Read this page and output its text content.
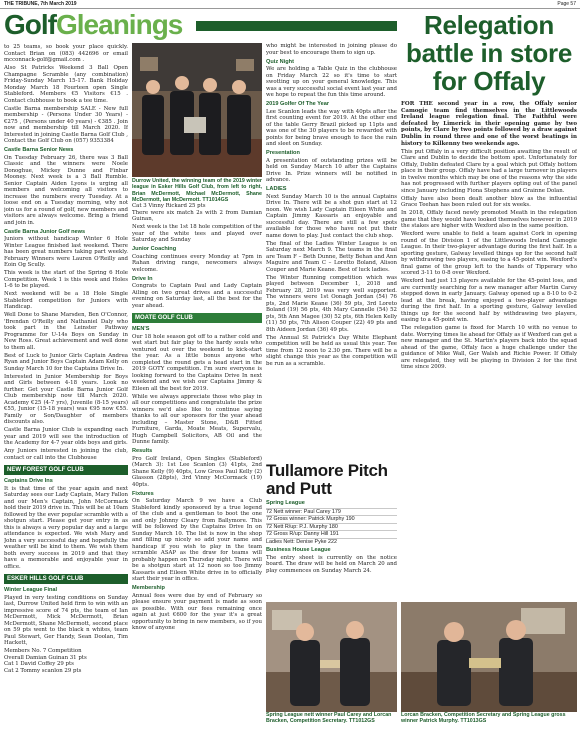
THE TRIBUNE, 7th March 2019	Page 57
GolfGleanings

to 25 teams, so book your place quickly. Contact Brian on (083) 442696 or email mcconnack-golf@gmail.com .

Also St Patricks Weekend 3 Ball Open Champagne Scramble (any combination) Friday-Sunday March 15-17. Bank Holiday Monday March 18 Fourteen open Single Stableford. Members €5 Visitors €15 . Contact clubhouse to book a tee time.

Castle Barna membership SALE - New full membership - (Persons Under 30 Years) - €275 , (Persons under 40 years) - €385 . Join now and membership till March 2020. If Interested in joining Castle Barna Golf Club , Contact the Golf Club on (057) 9353384

Castle Barna Senior News

On Tuesday February 26, there was 3 Ball Classic and the winners were Noele Donoghue, Mickey Dunne and Finbar Mooney. Next week is a 3 Ball Rumble. Senior Captain Aiden Lyons is urging all members and welcoming all visitors to increase the numbers every Tuesday. At a loose end on a Tuesday morning, why not join us for a round of golf, new members and visitors are always welcome. Bring a friend and join in.

Castle Barna Junior Golf news

Juniors without handicap Winter 6 Hole Winter League finished last weekend. There has been great numbers taking part weekly. February Winners were Lauren O'Reilly and Eoin Og Scully.

This week is the start of the Spring 6 Hole Competition. Week 1 is this week and Holes 1-6 to be played.

Next weekend will be a 18 Hole Single Stableford competition for Juniors with Handicap.

Well Done to Shane Marsden, Ben O'Connor, 'Brendan O'Reilly and Nathaniel Daly who took part in the Leinster Pathway Programme for U-14s Boys on Sunday in New Ross. Great achievement and well done to them all.

Best of Luck to Junior Girls Captain Andrea Ryan and Junior Boys Captain Adam Kelly on Sunday March 10 for the Captains Drive In.

Interested in Junior Membership for Boys and Girls between 4-18 years. Look no further. Get your Castle Barna Junior Golf Club membership now till March 2020. Academy €25 (4-7 yrs), Juvenile (8-15 years) €55, Junior (15-18 years) was €95 now €55. Family or Son/Daughter of members discounts also.

Castle Barna Junior Club is expanding each year and 2019 will see the introduction of the Academy for 4-7 year olds boys and girls.

Any Juniors interested in joining the club, contact or call into the Clubhouse

NEW FOREST GOLF CLUB
Captains Drive Ins

It is that time of the year again and next Saturday sees our Lady Captain, Mary Fallon and our Men's Captain, John McCormack hold their 2019 drive in. This will be at 10am followed by the ever popular scramble with a shotgun start. Please get your entry in as this is always a very popular day and a large attendance is expected. We wish Mary and John a very successful day and hopefully the weather will be kind to them. We wish them both every success in 2019 and that they have a memorable and enjoyable year in office.

ESKER HILLS GOLF CLUB
Winter League Final

Played in very testing conditions on Sunday last, Durrow United held firm to win with an impressive score of 74 pts, the team of Ian McDermott, Mick McDermott, Brian McDermott, Shane McDermott, second place on 59 pts went to the black n whites, team Paul Stewart, Ger Handy, Sean Doolan, Tim Hackett,

Members No. 7 Competition
Overall Damian Guinan 31 pts
Cat 1 David Coffey 29 pts
Cat 2 Tommy scanlon 29 pts
Durrow United, the winning team of the 2019 winter league in Esker Hills Golf Club, from left to right, Brian McDermott, Michael McDermott, Shane McDermott, Ian McDermott. TT1014GS
Cat 3 Vinny Rickard 25 pts

There were six match 2s with 2 from Damian Guinan,

Next week is the 1st 18 hole competition of the year of the white tees and played over Saturday and Sunday

Junior Coaching

Coaching continues every Monday at 7pm in Rahan driving range, newcomers always welcome.

Drive In

Congrats to Captain Paul and Lady Captain Ailing on two great drives and a successful evening on Saturday last, all the best for the year ahead.

MOATE GOLF CLUB
MEN'S

Our 18 hole season got off to a rather cold and wet start but fair play to the hardy souls who ventured out over the weekend to kick-start the year. As a little bonus anyone who completed the round gets a head start in the 2019 GOTY competition. I'm sure everyone is looking forward to the Captains Drive In next weekend and we wish our Captains Jimmy & Eileen all the best for 2019.

While we always appreciate those who play in all our competitions and congratulate the prize winners we'd also like to continue saying thanks to all our sponsors for the year ahead including – Master Stone, D&B Fitted Furniture, Garda, Moate Meats, Supervalu, Hugh Campbell Solicitors, AB Oil and the Dunne family.

Results

Pro Golf Ireland, Open Singles (Stableford) (March 3): 1st Lee Scanlon (3) 41pts, 2nd Shane Kelly (9) 40pts, Low Gross Paul Kelly (2) Glasson (28pts), 3rd Vinny McCormack (19) 40pts.

Fixtures

On Saturday March 9 we have a Club Stableford kindly sponsored by a true legend of the club and a gentleman to boot the one and only Johnny Cleary from Ballymore. This will be followed by the Captains Drive In on Sunday March 10. The list is now in the shop and filling up nicely so add your name and handicap if you wish to play in the team scramble ASAP as the draw for teams will probably happen on Thursday night. There will be a shotgun start at 12 noon so too Jimmy Kassaris and Eileen White drive in to officially start their year in office.

Membership

Annual fees were due by end of February so please ensure your payment is made as soon as possible. With our fees remaining once again at just €600 for the year it's a great opportunity to bring in new members, so if you know of anyone

who might be interested in joining please do your best to encourage them to sign up.

Quiz Night

We are holding a Table Quiz in the clubhouse on Friday March 22 so it's time to start swotting up on your general knowledge. This was a very successful social event last year and we hope to repeat the fun this time around.

2019 Golfer Of The Year

Lee Scanlon leads the way with 40pts after the first counting event for 2019. At the other end of the table Gerry Brazil picked up 11pts and was one of the 30 players to be rewarded with points for being brave enough to face the rain and sleet on Sunday.

Presentation

A presentation of outstanding prizes will be held on Sunday March 10 after the Captains Drive In. Prize winners will be notified in advance.

LADIES

Next Sunday March 10 is the annual Captains Drive In. There will be a shot gun start at 12 noon. We wish Lady Captain Eileen White and Captain Jimmy Kassaris an enjoyable and successful day. There are still a few spots available for those who have not put their name down to play. Just contact the club shop.

The final of the Ladies Winter League is on Saturday next March 9. The teams in the final are Team F – Beth Dunne, Betty Behan and Ann Maguire and Team C – Loretto Boland, Alison Couper and Marie Keane. Best of luck ladies.

The Winter Running competition which was played between December 1, 2018 and February 28, 2019 was very well supported. The winners were 1st Oonagh Jordan (54) 76 pts, 2nd Marie Keane (36) 59 pts, 3rd Loreto Boland (19) 56 pts, 4th Mary Cannelle (54) 52 pts, 5th Ann Magee (30) 52 pts, 6th Helen Kelly (11) 50 pts, 7th Alison Couper (22) 49 pts and 8th Aideen Jordan (36) 49 pts.

The Annual St Patrick's Day White Elephant competition will be held as usual this year. Tee time from 12 noon to 2.30 pm. There will be a slight change this year as the competition will be run as a scramble.

Tullamore Pitch and Putt
Spring League
72 Nett winner: Paul Carey 179
72 Gross winner: Patrick Murphy 190
72 Nett R/up: P.J. Murphy 180
72 Gross R/up: Danny Hill 191
Ladies Nett: Denise Pyke 222
Business House League

The entry sheet is currently on the notice board. The draw will be held on March 20 and play commences on Sunday March 24.

Spring League nett winner Paul Carey and Lorcan Bracken, Competition Secretary. TT1012GS
Lorcan Bracken, Competition Secretary and Spring League gross winner Patrick Murphy. TT1013GS
Relegation battle in store for Offaly
FOR THE second year in a row, the Offaly senior Camogie team find themselves in the Littlewoods Ireland league relegation final. The Faithful were defeated by Limerick in their opening game by two points, by Clare by two points followed by a draw against Dublin in round three and one of the worst beatings in history to Kilkenny two weekends ago.

This put Offaly in a very difficult position awaiting the result of Clare and Dublin to decide the bottom spot. Unfortunately for Offaly, Dublin defeated Clare by a goal which put Offaly bottom place in their group. Offaly have had a large turnover in players in twelve months which may be one of the reasons why the side has not progressed with further players opting out of the panel since January including Fiona Stephens and Grainne Dolan.

Offaly have also been dealt another blow as the influential Grace Teehan has been ruled out for six weeks.

In 2018, Offaly faced newly promoted Meath in the relegation game that they would have looked themselves however in 2019 the stakes are higher with Wexford also in the same position.

Wexford were unable to field a team against Cork in opening round of the Division 1 of the Littlewoods Ireland Camogie League. In their two-player advantage during the first half. In a sporting gesture, Galway levelled things up for the second half by withdrawing two players, easing to a 45-point win. Wexford's final game of the group left to the hands of Tipperary who scored 3-11 to 0-8 over Wexford.

Wexford had just 13 players available for the 45-point loss, and are currently searching for a new manager after Martin Carey stepped down in early January. Galway opened up a 8-10 to 0-2 lead at the break, having enjoyed a two-player advantage during the first half. In a sporting gesture, Galway levelled things up for the second half by withdrawing two players, easing to a 45-point win.

The relegation game is fixed for March 10 with no venue to date. Worrying times lie ahead for Offaly as if Wexford can get a new manager and the St. Martin's players back into the squad ahead of the game, Offaly face a huge challenge under the guidance of Mike Wall, Ger Walsh and Richie Power. If Offaly are relegated, they will be playing in Division 2 for the first time since 2009.
